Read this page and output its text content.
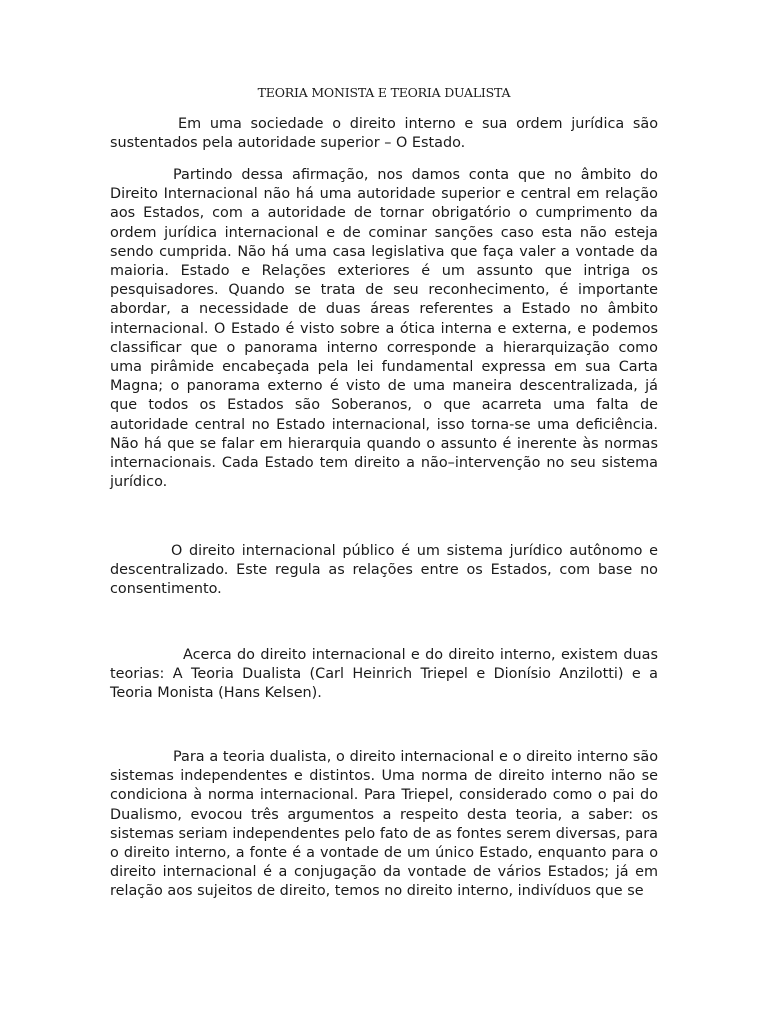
TEORIA MONISTA E TEORIA DUALISTA

Em uma sociedade o direito interno e sua ordem jurídica são sustentados pela autoridade superior – O Estado.

Partindo dessa afirmação, nos damos conta que no âmbito do Direito Internacional não há uma autoridade superior e central em relação aos Estados, com a autoridade de tornar obrigatório o cumprimento da ordem jurídica internacional e de cominar sanções caso esta não esteja sendo cumprida. Não há uma casa legislativa que faça valer a vontade da maioria. Estado e Relações exteriores é um assunto que intriga os pesquisadores. Quando se trata de seu reconhecimento, é importante abordar, a necessidade de duas áreas referentes a Estado no âmbito internacional. O Estado é visto sobre a ótica interna e externa, e podemos classificar que o panorama interno corresponde a hierarquização como uma pirâmide encabeçada pela lei fundamental expressa em sua Carta Magna; o panorama externo é visto de uma maneira descentralizada, já que todos os Estados são Soberanos, o que acarreta uma falta de autoridade central no Estado internacional, isso torna-se uma deficiência. Não há que se falar em hierarquia quando o assunto é inerente às normas internacionais. Cada Estado tem direito a não–intervenção no seu sistema jurídico.

O direito internacional público é um sistema jurídico autônomo e descentralizado. Este regula as relações entre os Estados, com base no consentimento.

Acerca do direito internacional e do direito interno, existem duas teorias: A Teoria Dualista (Carl Heinrich Triepel e Dionísio Anzilotti) e a Teoria Monista (Hans Kelsen).

Para a teoria dualista, o direito internacional e o direito interno são sistemas independentes e distintos. Uma norma de direito interno não se condiciona à norma internacional. Para Triepel, considerado como o pai do Dualismo, evocou três argumentos a respeito desta teoria, a saber: os sistemas seriam independentes pelo fato de as fontes serem diversas, para o direito interno, a fonte é a vontade de um único Estado, enquanto para o direito internacional é a conjugação da vontade de vários Estados; já em relação aos sujeitos de direito, temos no direito interno, indivíduos que se
